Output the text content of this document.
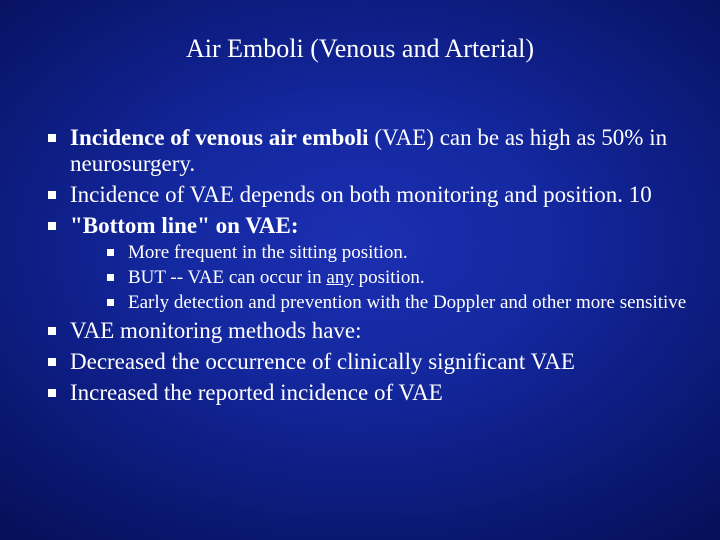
Air Emboli (Venous and Arterial)
Incidence of venous air emboli (VAE) can be as high as 50% in neurosurgery.
Incidence of VAE depends on both monitoring and position. 10
"Bottom line" on VAE:
More frequent in the sitting position.
BUT -- VAE can occur in any position.
Early detection and prevention with the Doppler and other more sensitive
VAE monitoring methods have:
Decreased the occurrence of clinically significant VAE
Increased the reported incidence of VAE
